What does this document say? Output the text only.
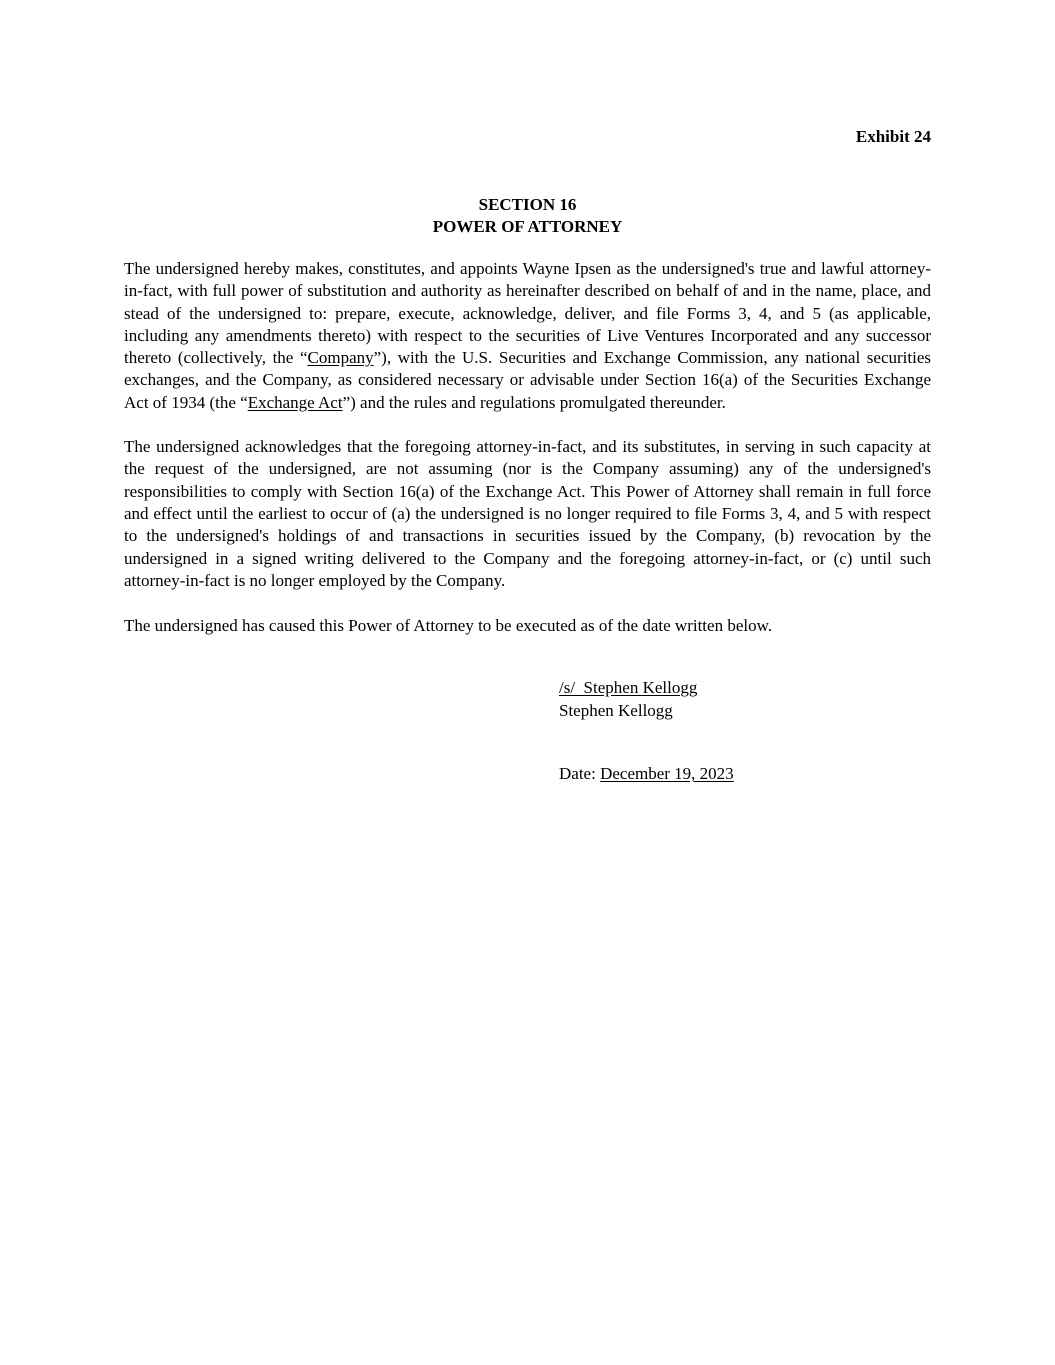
Exhibit 24
SECTION 16
POWER OF ATTORNEY

The undersigned hereby makes, constitutes, and appoints Wayne Ipsen as the undersigned's true and lawful attorney-in-fact, with full power of substitution and authority as hereinafter described on behalf of and in the name, place, and stead of the undersigned to: prepare, execute, acknowledge, deliver, and file Forms 3, 4, and 5 (as applicable, including any amendments thereto) with respect to the securities of Live Ventures Incorporated and any successor thereto (collectively, the “Company”), with the U.S. Securities and Exchange Commission, any national securities exchanges, and the Company, as considered necessary or advisable under Section 16(a) of the Securities Exchange Act of 1934 (the “Exchange Act”) and the rules and regulations promulgated thereunder.

The undersigned acknowledges that the foregoing attorney-in-fact, and its substitutes, in serving in such capacity at the request of the undersigned, are not assuming (nor is the Company assuming) any of the undersigned's responsibilities to comply with Section 16(a) of the Exchange Act. This Power of Attorney shall remain in full force and effect until the earliest to occur of (a) the undersigned is no longer required to file Forms 3, 4, and 5 with respect to the undersigned's holdings of and transactions in securities issued by the Company, (b) revocation by the undersigned in a signed writing delivered to the Company and the foregoing attorney-in-fact, or (c) until such attorney-in-fact is no longer employed by the Company.

The undersigned has caused this Power of Attorney to be executed as of the date written below.

/s/  Stephen Kellogg
Stephen Kellogg
Date: December 19, 2023
